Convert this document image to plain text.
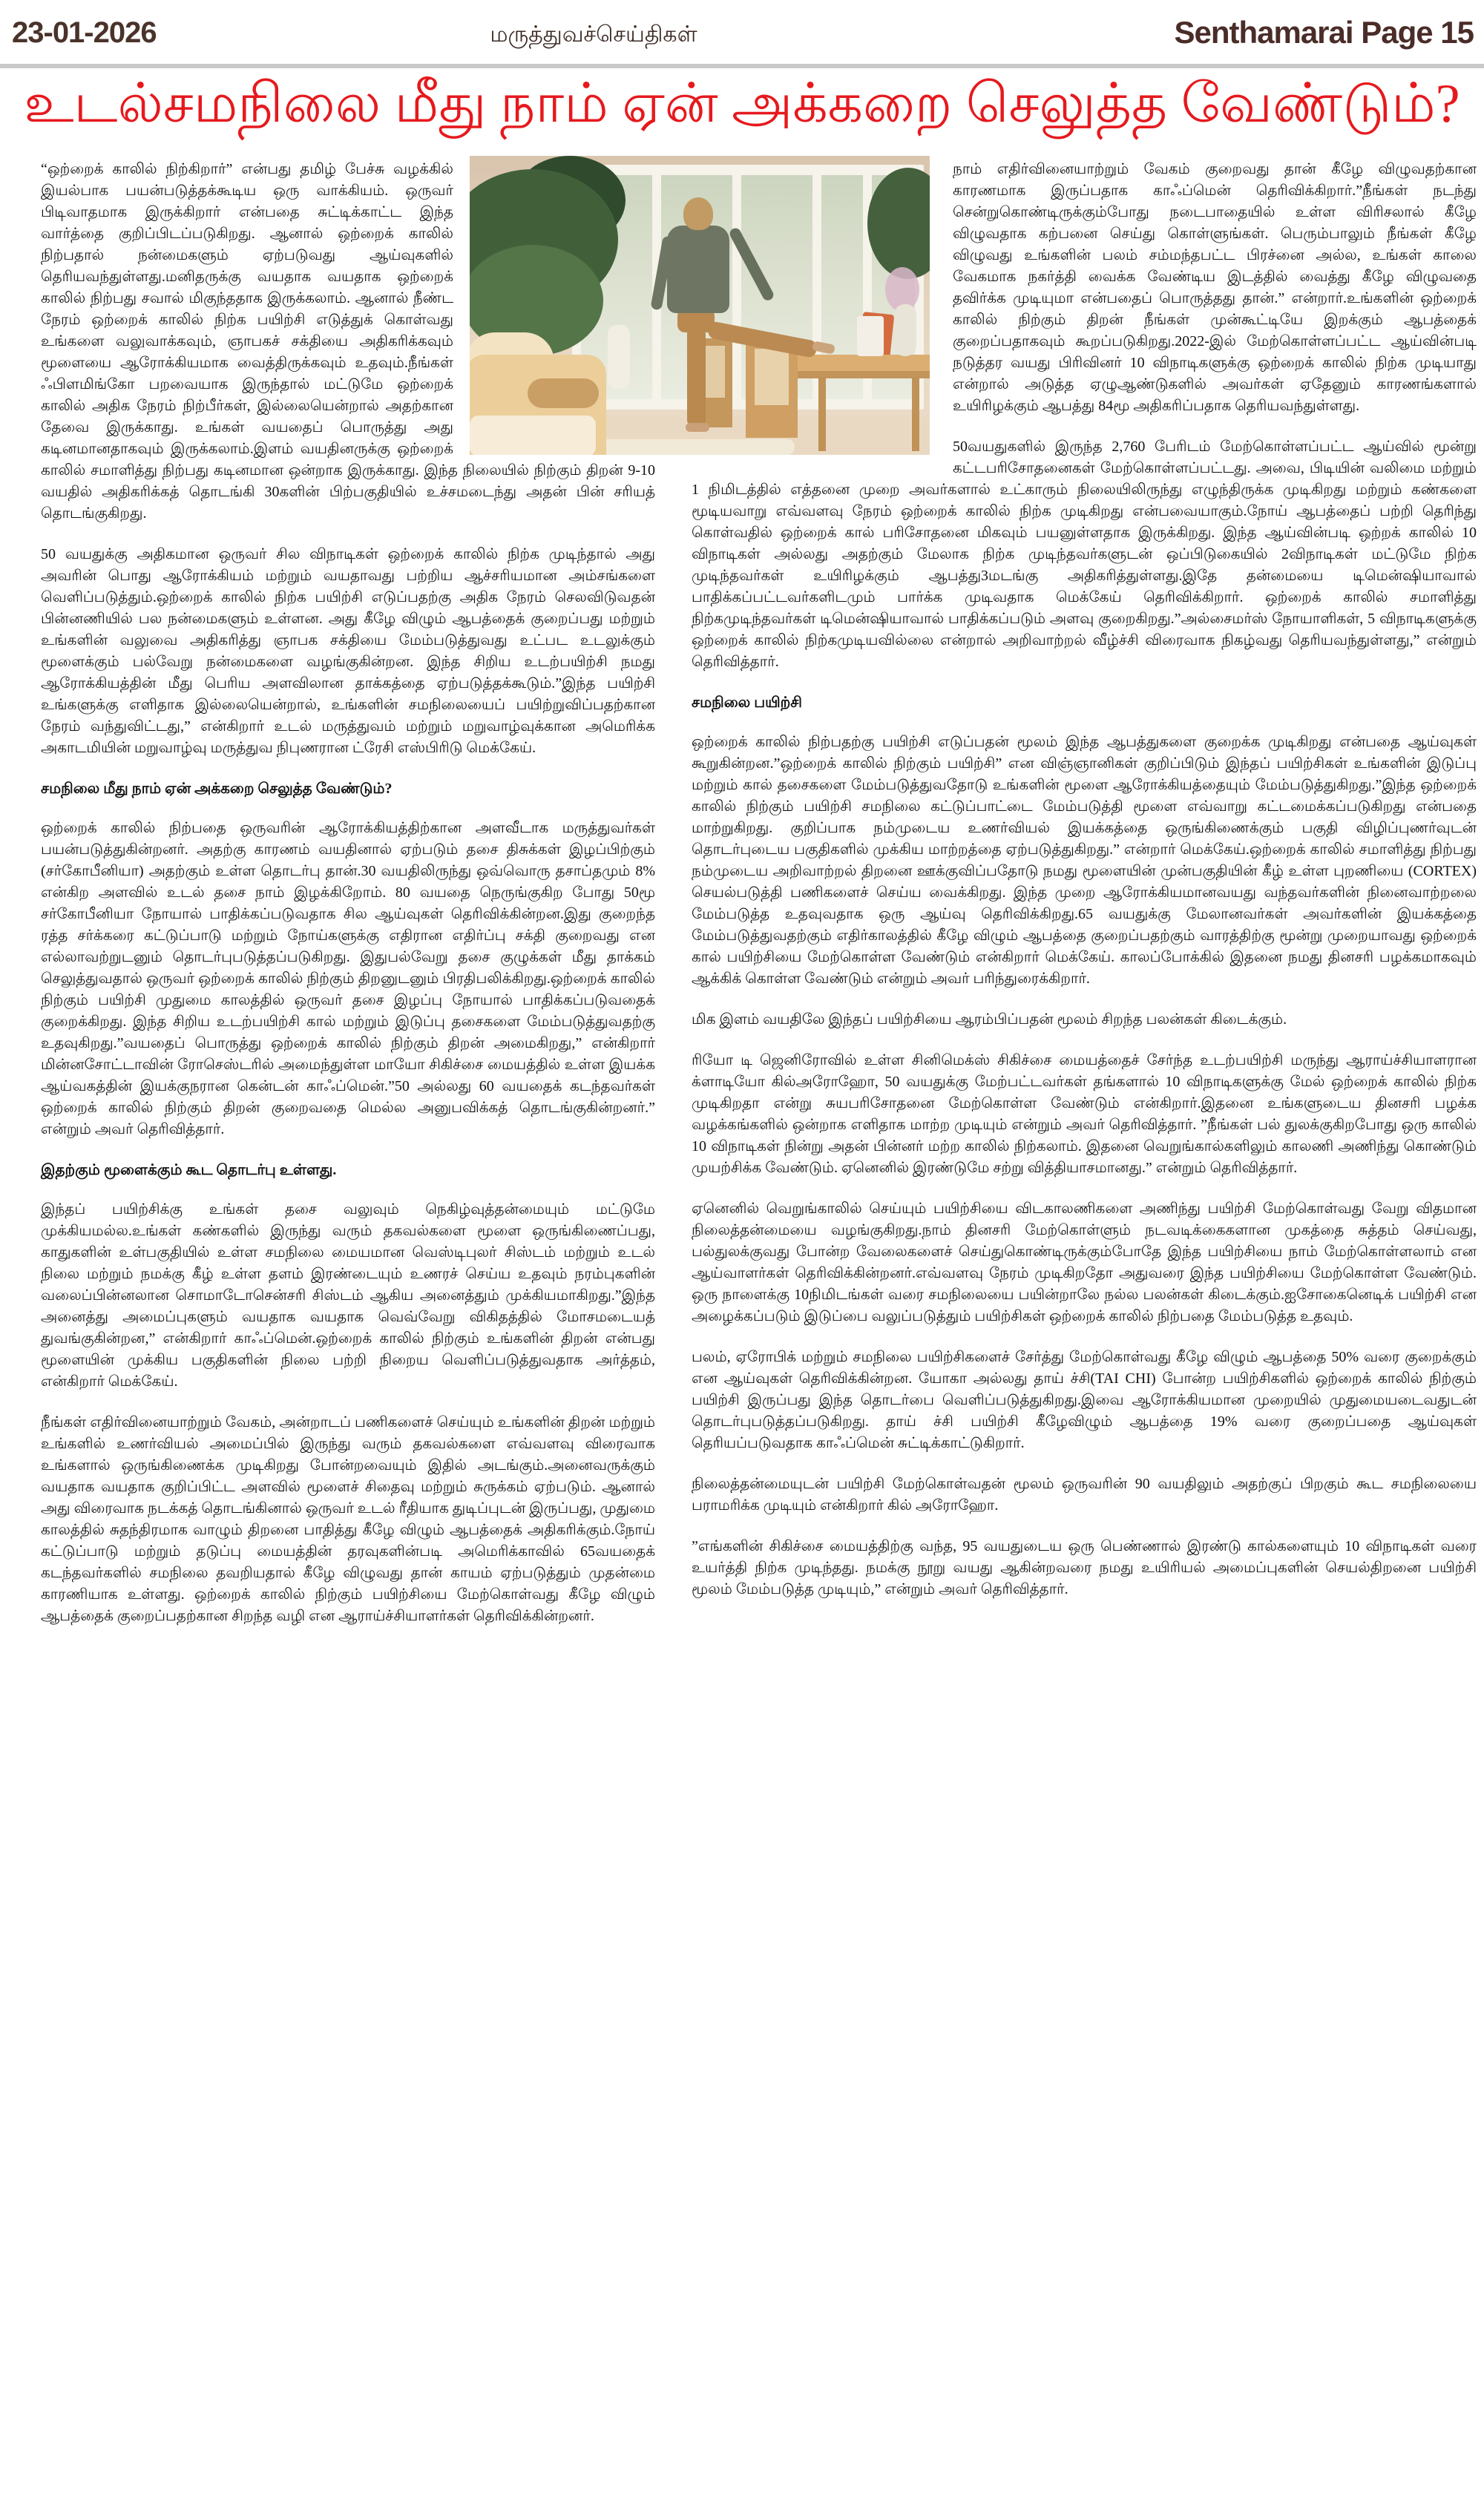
23-01-2026	மருத்துவச்செய்திகள்	Senthamarai Page 15
உடல்சமநிலை மீது நாம் ஏன் அக்கறை செலுத்த வேண்டும்?

“ஒற்றைக் காலில் நிற்கிறார்” என்பது தமிழ் பேச்சு வழக்கில் இயல்பாக பயன்படுத்தக்கூடிய ஒரு வாக்கியம். ஒருவர் பிடிவாதமாக இருக்கிறார் என்பதை சுட்டிக்காட்ட இந்த வார்த்தை குறிப்பிடப்படுகிறது. ஆனால் ஒற்றைக் காலில் நிற்பதால் நன்மைகளும் ஏற்படுவது ஆய்வுகளில் தெரியவந்துள்ளது.மனிதருக்கு வயதாக வயதாக ஒற்றைக் காலில் நிற்பது சவால் மிகுந்ததாக இருக்கலாம். ஆனால் நீண்ட நேரம் ஒற்றைக் காலில் நிற்க பயிற்சி எடுத்துக் கொள்வது உங்களை வலுவாக்கவும், ஞாபகச் சக்தியை அதிகரிக்கவும் மூளையை ஆரோக்கியமாக வைத்திருக்கவும் உதவும்.நீங்கள் ஃபிளமிங்கோ பறவையாக இருந்தால் மட்டுமே ஒற்றைக் காலில் அதிக நேரம் நிற்பீர்கள், இல்லையென்றால் அதற்கான தேவை இருக்காது. உங்கள் வயதைப் பொருத்து அது கடினமானதாகவும் இருக்கலாம்.இளம் வயதினருக்கு ஒற்றைக் காலில் சமாளித்து நிற்பது கடினமான ஒன்றாக இருக்காது. இந்த நிலையில் நிற்கும் திறன் 9-10 வயதில் அதிகரிக்கத் தொடங்கி 30களின் பிற்பகுதியில் உச்சமடைந்து அதன் பின் சரியத் தொடங்குகிறது.

50 வயதுக்கு அதிகமான ஒருவர் சில விநாடிகள் ஒற்றைக் காலில் நிற்க முடிந்தால் அது அவரின் பொது ஆரோக்கியம் மற்றும் வயதாவது பற்றிய ஆச்சரியமான அம்சங்களை வெளிப்படுத்தும்.ஒற்றைக் காலில் நிற்க பயிற்சி எடுப்பதற்கு அதிக நேரம் செலவிடுவதன் பின்னணியில் பல நன்மைகளும் உள்ளன. அது கீழே விழும் ஆபத்தைக் குறைப்பது மற்றும் உங்களின் வலுவை அதிகரித்து ஞாபக சக்தியை மேம்படுத்துவது உட்பட உடலுக்கும் மூளைக்கும் பல்வேறு நன்மைகளை வழங்குகின்றன. இந்த சிறிய உடற்பயிற்சி நமது ஆரோக்கியத்தின் மீது பெரிய அளவிலான தாக்கத்தை ஏற்படுத்தக்கூடும்.”இந்த பயிற்சி உங்களுக்கு எளிதாக இல்லையென்றால், உங்களின் சமநிலையைப் பயிற்றுவிப்பதற்கான நேரம் வந்துவிட்டது,” என்கிறார் உடல் மருத்துவம் மற்றும் மறுவாழ்வுக்கான அமெரிக்க அகாடமியின் மறுவாழ்வு மருத்துவ நிபுணரான ட்ரேசி எஸ்பிரிடு மெக்கேய்.

சமநிலை மீது நாம் ஏன் அக்கறை செலுத்த வேண்டும்?

ஒற்றைக் காலில் நிற்பதை ஒருவரின் ஆரோக்கியத்திற்கான அளவீடாக மருத்துவர்கள் பயன்படுத்துகின்றனர். அதற்கு காரணம் வயதினால் ஏற்படும் தசை திசுக்கள் இழப்பிற்கும் (சர்கோபீனியா) அதற்கும் உள்ள தொடர்பு தான்.30 வயதிலிருந்து ஒவ்வொரு தசாப்தமும் 8% என்கிற அளவில் உடல் தசை நாம் இழக்கிறோம். 80 வயதை நெருங்குகிற போது 50மூ சர்கோபீனியா நோயால் பாதிக்கப்படுவதாக சில ஆய்வுகள் தெரிவிக்கின்றன.இது குறைந்த ரத்த சர்க்கரை கட்டுப்பாடு மற்றும் நோய்களுக்கு எதிரான எதிர்ப்பு சக்தி குறைவது என எல்லாவற்றுடனும் தொடர்புபடுத்தப்படுகிறது. இதுபல்வேறு தசை குழுக்கள் மீது தாக்கம் செலுத்துவதால் ஒருவர் ஒற்றைக் காலில் நிற்கும் திறனுடனும் பிரதிபலிக்கிறது.ஒற்றைக் காலில் நிற்கும் பயிற்சி முதுமை காலத்தில் ஒருவர் தசை இழப்பு நோயால் பாதிக்கப்படுவதைக் குறைக்கிறது. இந்த சிறிய உடற்பயிற்சி கால் மற்றும் இடுப்பு தசைகளை மேம்படுத்துவதற்கு உதவுகிறது.”வயதைப் பொருத்து ஒற்றைக் காலில் நிற்கும் திறன் அமைகிறது,” என்கிறார் மின்னசோட்டாவின் ரோசெஸ்டரில் அமைந்துள்ள மாயோ சிகிச்சை மையத்தில் உள்ள இயக்க ஆய்வகத்தின் இயக்குநரான கென்டன் காஃப்மென்.”50 அல்லது 60 வயதைக் கடந்தவர்கள் ஒற்றைக் காலில் நிற்கும் திறன் குறைவதை மெல்ல அனுபவிக்கத் தொடங்குகின்றனர்.” என்றும் அவர் தெரிவித்தார்.

இதற்கும் மூளைக்கும் கூட தொடர்பு உள்ளது.

இந்தப் பயிற்சிக்கு உங்கள் தசை வலுவும் நெகிழ்வுத்தன்மையும் மட்டுமே முக்கியமல்ல.உங்கள் கண்களில் இருந்து வரும் தகவல்களை மூளை ஒருங்கிணைப்பது, காதுகளின் உள்பகுதியில் உள்ள சமநிலை மையமான வெஸ்டிபுலர் சிஸ்டம் மற்றும் உடல் நிலை மற்றும் நமக்கு கீழ் உள்ள தளம் இரண்டையும் உணரச் செய்ய உதவும் நரம்புகளின் வலைப்பின்னலான சொமாடோசென்சரி சிஸ்டம் ஆகிய அனைத்தும் முக்கியமாகிறது.”இந்த அனைத்து அமைப்புகளும் வயதாக வயதாக வெவ்வேறு விகிதத்தில் மோசமடையத் துவங்குகின்றன,” என்கிறார் காஃப்மென்.ஒற்றைக் காலில் நிற்கும் உங்களின் திறன் என்பது மூளையின் முக்கிய பகுதிகளின் நிலை பற்றி நிறைய வெளிப்படுத்துவதாக அர்த்தம், என்கிறார் மெக்கேய்.

நீங்கள் எதிர்வினையாற்றும் வேகம், அன்றாடப் பணிகளைச் செய்யும் உங்களின் திறன் மற்றும் உங்களில் உணர்வியல் அமைப்பில் இருந்து வரும் தகவல்களை எவ்வளவு விரைவாக உங்களால் ஒருங்கிணைக்க முடிகிறது போன்றவையும் இதில் அடங்கும்.அனைவருக்கும் வயதாக வயதாக குறிப்பிட்ட அளவில் மூளைச் சிதைவு மற்றும் சுருக்கம் ஏற்படும். ஆனால் அது விரைவாக நடக்கத் தொடங்கினால் ஒருவர் உடல் ரீதியாக துடிப்புடன் இருப்பது, முதுமை காலத்தில் சுதந்திரமாக வாழும் திறனை பாதித்து கீழே விழும் ஆபத்தைக் அதிகரிக்கும்.நோய் கட்டுப்பாடு மற்றும் தடுப்பு மையத்தின் தரவுகளின்படி அமெரிக்காவில் 65வயதைக் கடந்தவர்களில் சமநிலை தவறியதால் கீழே விழுவது தான் காயம் ஏற்படுத்தும் முதன்மை காரணியாக உள்ளது. ஒற்றைக் காலில் நிற்கும் பயிற்சியை மேற்கொள்வது கீழே விழும் ஆபத்தைக் குறைப்பதற்கான சிறந்த வழி என ஆராய்ச்சியாளர்கள் தெரிவிக்கின்றனர்.

நாம் எதிர்வினையாற்றும் வேகம் குறைவது தான் கீழே விழுவதற்கான காரணமாக இருப்பதாக காஃப்மென் தெரிவிக்கிறார்.”நீங்கள் நடந்து சென்றுகொண்டிருக்கும்போது நடைபாதையில் உள்ள விரிசலால் கீழே விழுவதாக கற்பனை செய்து கொள்ளுங்கள். பெரும்பாலும் நீங்கள் கீழே விழுவது உங்களின் பலம் சம்மந்தபட்ட பிரச்னை அல்ல, உங்கள் காலை வேகமாக நகர்த்தி வைக்க வேண்டிய இடத்தில் வைத்து கீழே விழுவதை தவிர்க்க முடியுமா என்பதைப் பொருத்தது தான்.” என்றார்.உங்களின் ஒற்றைக் காலில் நிற்கும் திறன் நீங்கள் முன்கூட்டியே இறக்கும் ஆபத்தைக் குறைப்பதாகவும் கூறப்படுகிறது.2022-இல் மேற்கொள்ளப்பட்ட ஆய்வின்படி நடுத்தர வயது பிரிவினர் 10 விநாடிகளுக்கு ஒற்றைக் காலில் நிற்க முடியாது என்றால் அடுத்த ஏழுஆண்டுகளில் அவர்கள் ஏதேனும் காரணங்களால் உயிரிழக்கும் ஆபத்து 84மூ அதிகரிப்பதாக தெரியவந்துள்ளது.

50வயதுகளில் இருந்த 2,760 பேரிடம் மேற்கொள்ளப்பட்ட ஆய்வில் மூன்று கட்டபரிசோதனைகள் மேற்கொள்ளப்பட்டது. அவை, பிடியின் வலிமை மற்றும் 1 நிமிடத்தில் எத்தனை முறை அவர்களால் உட்காரும் நிலையிலிருந்து எழுந்திருக்க முடிகிறது மற்றும் கண்களை மூடியவாறு எவ்வளவு நேரம் ஒற்றைக் காலில் நிற்க முடிகிறது என்பவையாகும்.நோய் ஆபத்தைப் பற்றி தெரிந்து கொள்வதில் ஒற்றைக் கால் பரிசோதனை மிகவும் பயனுள்ளதாக இருக்கிறது. இந்த ஆய்வின்படி ஒற்றக் காலில் 10 விநாடிகள் அல்லது அதற்கும் மேலாக நிற்க முடிந்தவர்களுடன் ஒப்பிடுகையில் 2விநாடிகள் மட்டுமே நிற்க முடிந்தவர்கள் உயிரிழக்கும் ஆபத்து3மடங்கு அதிகரித்துள்ளது.இதே தன்மையை டிமென்ஷியாவால் பாதிக்கப்பட்டவர்களிடமும் பார்க்க முடிவதாக மெக்கேய் தெரிவிக்கிறார். ஒற்றைக் காலில் சமாளித்து நிற்கமுடிந்தவர்கள் டிமென்ஷியாவால் பாதிக்கப்படும் அளவு குறைகிறது.”அல்சைமர்ஸ் நோயாளிகள், 5 விநாடிகளுக்கு ஒற்றைக் காலில் நிற்கமுடியவில்லை என்றால் அறிவாற்றல் வீழ்ச்சி விரைவாக நிகழ்வது தெரியவந்துள்ளது,” என்றும் தெரிவித்தார்.

சமநிலை பயிற்சி

ஒற்றைக் காலில் நிற்பதற்கு பயிற்சி எடுப்பதன் மூலம் இந்த ஆபத்துகளை குறைக்க முடிகிறது என்பதை ஆய்வுகள் கூறுகின்றன.”ஒற்றைக் காலில் நிற்கும் பயிற்சி” என விஞ்ஞானிகள் குறிப்பிடும் இந்தப் பயிற்சிகள் உங்களின் இடுப்பு மற்றும் கால் தசைகளை மேம்படுத்துவதோடு உங்களின் மூளை ஆரோக்கியத்தையும் மேம்படுத்துகிறது.”இந்த ஒற்றைக் காலில் நிற்கும் பயிற்சி சமநிலை கட்டுப்பாட்டை மேம்படுத்தி மூளை எவ்வாறு கட்டமைக்கப்படுகிறது என்பதை மாற்றுகிறது. குறிப்பாக நம்முடைய உணர்வியல் இயக்கத்தை ஒருங்கிணைக்கும் பகுதி விழிப்புணர்வுடன் தொடர்புடைய பகுதிகளில் முக்கிய மாற்றத்தை ஏற்படுத்துகிறது.” என்றார் மெக்கேய்.ஒற்றைக் காலில் சமாளித்து நிற்பது நம்முடைய அறிவாற்றல் திறனை ஊக்குவிப்பதோடு நமது மூளையின் முன்பகுதியின் கீழ் உள்ள புறணியை (CORTEX) செயல்படுத்தி பணிகளைச் செய்ய வைக்கிறது. இந்த முறை ஆரோக்கியமானவயது வந்தவர்களின் நினைவாற்றலை மேம்படுத்த உதவுவதாக ஒரு ஆய்வு தெரிவிக்கிறது.65 வயதுக்கு மேலானவர்கள் அவர்களின் இயக்கத்தை மேம்படுத்துவதற்கும் எதிர்காலத்தில் கீழே விழும் ஆபத்தை குறைப்பதற்கும் வாரத்திற்கு மூன்று முறையாவது ஒற்றைக் கால் பயிற்சியை மேற்கொள்ள வேண்டும் என்கிறார் மெக்கேய். காலப்போக்கில் இதனை நமது தினசரி பழக்கமாகவும் ஆக்கிக் கொள்ள வேண்டும் என்றும் அவர் பரிந்துரைக்கிறார்.

மிக இளம் வயதிலே இந்தப் பயிற்சியை ஆரம்பிப்பதன் மூலம் சிறந்த பலன்கள் கிடைக்கும்.

ரியோ டி ஜெனிரோவில் உள்ள சினிமெக்ஸ் சிகிச்சை மையத்தைச் சேர்ந்த உடற்பயிற்சி மருந்து ஆராய்ச்சியாளரான க்ளாடியோ கில்அரோஹோ, 50 வயதுக்கு மேற்பட்டவர்கள் தங்களால் 10 விநாடிகளுக்கு மேல் ஒற்றைக் காலில் நிற்க முடிகிறதா என்று சுயபரிசோதனை மேற்கொள்ள வேண்டும் என்கிறார்.இதனை உங்களுடைய தினசரி பழக்க வழக்கங்களில் ஒன்றாக எளிதாக மாற்ற முடியும் என்றும் அவர் தெரிவித்தார். ”நீங்கள் பல் துலக்குகிறபோது ஒரு காலில் 10 விநாடிகள் நின்று அதன் பின்னர் மற்ற காலில் நிற்கலாம். இதனை வெறுங்கால்களிலும் காலணி அணிந்து கொண்டும் முயற்சிக்க வேண்டும். ஏனெனில் இரண்டுமே சற்று வித்தியாசமானது.” என்றும் தெரிவித்தார்.

ஏனெனில் வெறுங்காலில் செய்யும் பயிற்சியை விடகாலணிகளை அணிந்து பயிற்சி மேற்கொள்வது வேறு விதமான நிலைத்தன்மையை வழங்குகிறது.நாம் தினசரி மேற்கொள்ளும் நடவடிக்கைகளான முகத்தை சுத்தம் செய்வது, பல்துலக்குவது போன்ற வேலைகளைச் செய்துகொண்டிருக்கும்போதே இந்த பயிற்சியை நாம் மேற்கொள்ளலாம் என ஆய்வாளர்கள் தெரிவிக்கின்றனர்.எவ்வளவு நேரம் முடிகிறதோ அதுவரை இந்த பயிற்சியை மேற்கொள்ள வேண்டும். ஒரு நாளைக்கு 10நிமிடங்கள் வரை சமநிலையை பயின்றாலே நல்ல பலன்கள் கிடைக்கும்.ஐசோகைனெடிக் பயிற்சி என அழைக்கப்படும் இடுப்பை வலுப்படுத்தும் பயிற்சிகள் ஒற்றைக் காலில் நிற்பதை மேம்படுத்த உதவும்.

பலம், ஏரோபிக் மற்றும் சமநிலை பயிற்சிகளைச் சேர்த்து மேற்கொள்வது கீழே விழும் ஆபத்தை 50% வரை குறைக்கும் என ஆய்வுகள் தெரிவிக்கின்றன. யோகா அல்லது தாய் ச்சி(TAI CHI) போன்ற பயிற்சிகளில் ஒற்றைக் காலில் நிற்கும் பயிற்சி இருப்பது இந்த தொடர்பை வெளிப்படுத்துகிறது.இவை ஆரோக்கியமான முறையில் முதுமையடைவதுடன் தொடர்புபடுத்தப்படுகிறது. தாய் ச்சி பயிற்சி கீழேவிழும் ஆபத்தை 19% வரை குறைப்பதை ஆய்வுகள் தெரியப்படுவதாக காஃப்மென் சுட்டிக்காட்டுகிறார்.

நிலைத்தன்மையுடன் பயிற்சி மேற்கொள்வதன் மூலம் ஒருவரின் 90 வயதிலும் அதற்குப் பிறகும் கூட சமநிலையை பராமரிக்க முடியும் என்கிறார் கில் அரோஹோ.

”எங்களின் சிகிச்சை மையத்திற்கு வந்த, 95 வயதுடைய ஒரு பெண்ணால் இரண்டு கால்களையும் 10 விநாடிகள் வரை உயர்த்தி நிற்க முடிந்தது. நமக்கு நூறு வயது ஆகின்றவரை நமது உயிரியல் அமைப்புகளின் செயல்திறனை பயிற்சி மூலம் மேம்படுத்த முடியும்,” என்றும் அவர் தெரிவித்தார்.
